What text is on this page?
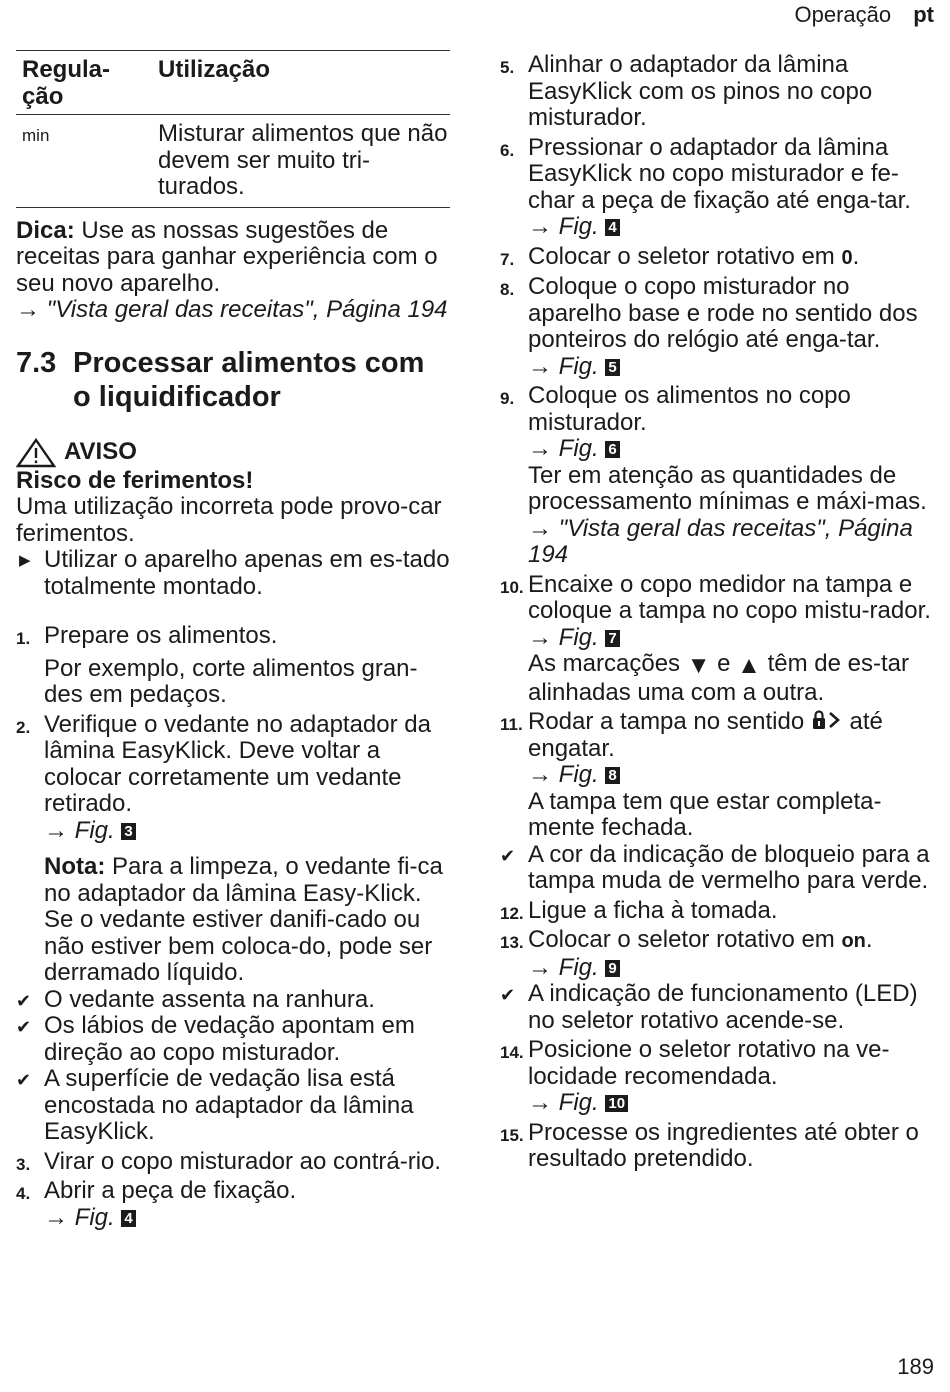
Operação pt
Regula-
ção	Utilização
min	Misturar alimentos que não devem ser muito tri-turados.
Dica: Use as nossas sugestões de receitas para ganhar experiência com o seu novo aparelho.
→ "Vista geral das receitas", Página 194
7.3 Processar alimentos com o liquidificador
AVISO
Risco de ferimentos!
Uma utilização incorreta pode provo-car ferimentos.
▶ Utilizar o aparelho apenas em es-tado totalmente montado.
1. Prepare os alimentos.
Por exemplo, corte alimentos gran-des em pedaços.
2. Verifique o vedante no adaptador da lâmina EasyKlick. Deve voltar a colocar corretamente um vedante retirado.
→ Fig. 3
Nota: Para a limpeza, o vedante fi-ca no adaptador da lâmina Easy-Klick. Se o vedante estiver danifi-cado ou não estiver bem coloca-do, pode ser derramado líquido.
✔ O vedante assenta na ranhura.
✔ Os lábios de vedação apontam em direção ao copo misturador.
✔ A superfície de vedação lisa está encostada no adaptador da lâmina EasyKlick.
3. Virar o copo misturador ao contrá-rio.
4. Abrir a peça de fixação.
→ Fig. 4
5. Alinhar o adaptador da lâmina EasyKlick com os pinos no copo misturador.
6. Pressionar o adaptador da lâmina EasyKlick no copo misturador e fe-char a peça de fixação até enga-tar.
→ Fig. 4
7. Colocar o seletor rotativo em 0.
8. Coloque o copo misturador no aparelho base e rode no sentido dos ponteiros do relógio até enga-tar.
→ Fig. 5
9. Coloque os alimentos no copo misturador.
→ Fig. 6
Ter em atenção as quantidades de processamento mínimas e máxi-mas.
→ "Vista geral das receitas", Página 194
10. Encaixe o copo medidor na tampa e coloque a tampa no copo mistu-rador.
→ Fig. 7
As marcações ▼ e ▲ têm de es-tar alinhadas uma com a outra.
11. Rodar a tampa no sentido  até engatar.
→ Fig. 8
A tampa tem que estar completa-mente fechada.
✔ A cor da indicação de bloqueio para a tampa muda de vermelho para verde.
12. Ligue a ficha à tomada.
13. Colocar o seletor rotativo em on.
→ Fig. 9
✔ A indicação de funcionamento (LED) no seletor rotativo acende-se.
14. Posicione o seletor rotativo na ve-locidade recomendada.
→ Fig. 10
15. Processe os ingredientes até obter o resultado pretendido.
189
